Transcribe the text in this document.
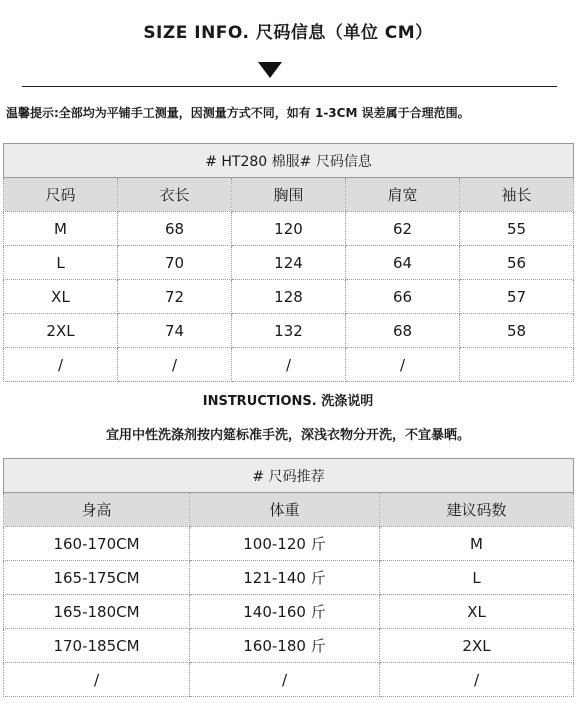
SIZE INFO. 尺码信息（单位 CM）
温馨提示:全部均为平铺手工测量，因测量方式不同，如有 1-3CM 误差属于合理范围。
# HT280 棉服# 尺码信息				
尺码	衣长	胸围	肩宽	袖长
M	68	120	62	55
L	70	124	64	56
XL	72	128	66	57
2XL	74	132	68	58
/	/	/	/	
INSTRUCTIONS. 洗涤说明
宜用中性洗涤剂按内筵标准手洗，深浅衣物分开洗，不宜暴晒。
# 尺码推荐		
身高	体重	建议码数
160-170CM	100-120 斤	M
165-175CM	121-140 斤	L
165-180CM	140-160 斤	XL
170-185CM	160-180 斤	2XL
/	/	/
